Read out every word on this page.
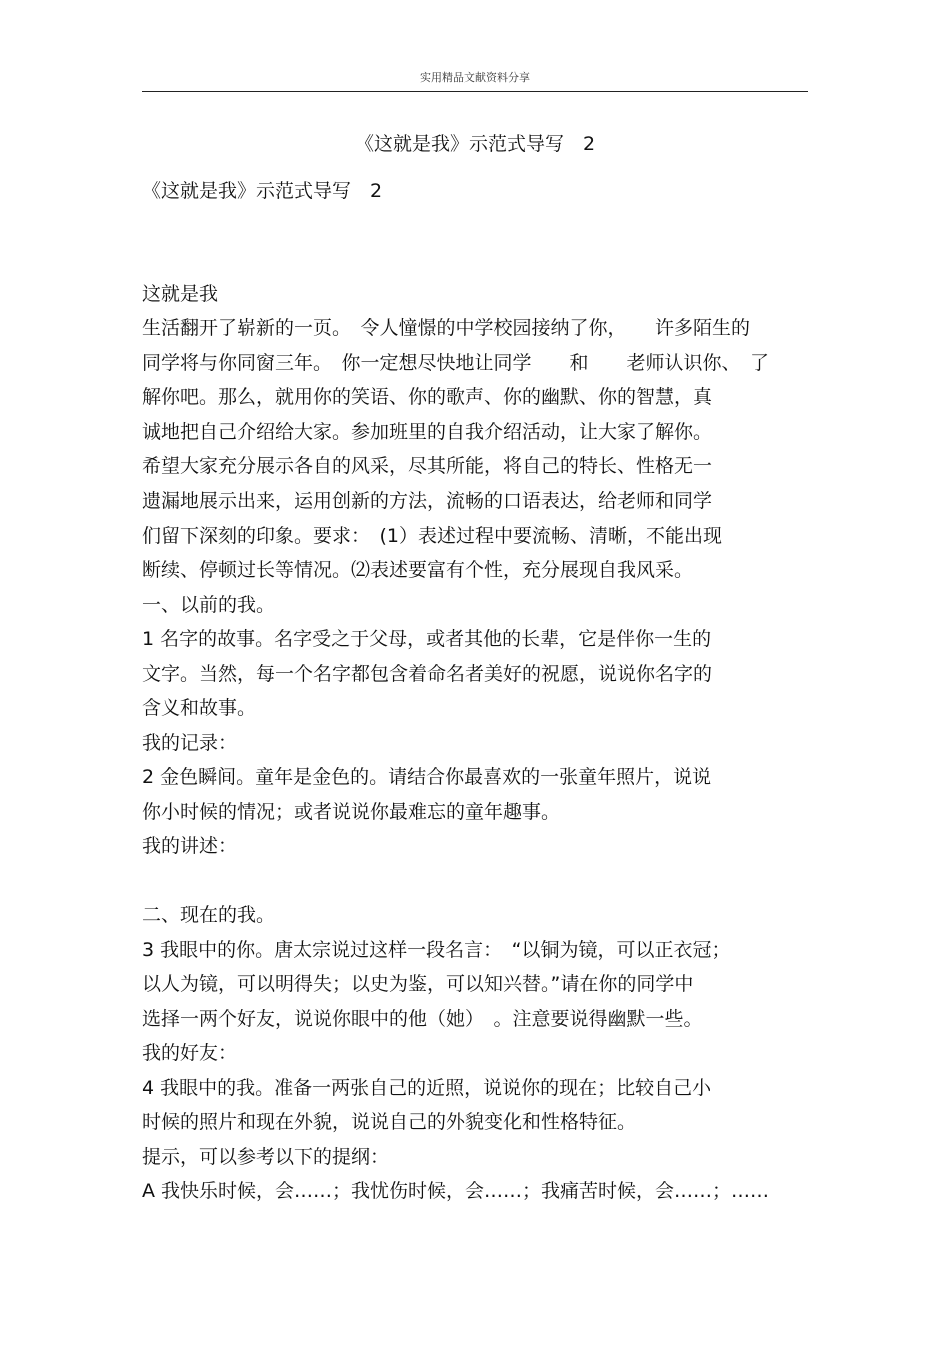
实用精品文献资料分享
《这就是我》示范式导写　2
《这就是我》示范式导写　2
这就是我
生活翻开了崭新的一页。　令人憧憬的中学校园接纳了你，　　许多陌生的
同学将与你同窗三年。　你一定想尽快地让同学　　和　　老师认识你、　了
解你吧。那么，就用你的笑语、你的歌声、你的幽默、你的智慧，真
诚地把自己介绍给大家。参加班里的自我介绍活动，让大家了解你。
希望大家充分展示各自的风采，尽其所能，将自己的特长、性格无一
遗漏地展示出来，运用创新的方法，流畅的口语表达，给老师和同学
们留下深刻的印象。要求：　(1）表述过程中要流畅、清晰，不能出现
断续、停顿过长等情况。⑵表述要富有个性，充分展现自我风采。
一、以前的我。
1 名字的故事。名字受之于父母，或者其他的长辈，它是伴你一生的
文字。当然，每一个名字都包含着命名者美好的祝愿，说说你名字的
含义和故事。
我的记录：
2 金色瞬间。童年是金色的。请结合你最喜欢的一张童年照片，说说
你小时候的情况；或者说说你最难忘的童年趣事。
我的讲述：
二、现在的我。
3 我眼中的你。唐太宗说过这样一段名言：　“以铜为镜，可以正衣冠；
以人为镜，可以明得失；以史为鉴，可以知兴替。”请在你的同学中
选择一两个好友，说说你眼中的他（她）　。注意要说得幽默一些。
我的好友：
4 我眼中的我。准备一两张自己的近照，说说你的现在；比较自己小
时候的照片和现在外貌，说说自己的外貌变化和性格特征。
提示，可以参考以下的提纲：
A 我快乐时候，会……；我忧伤时候，会……；我痛苦时候，会……；……
